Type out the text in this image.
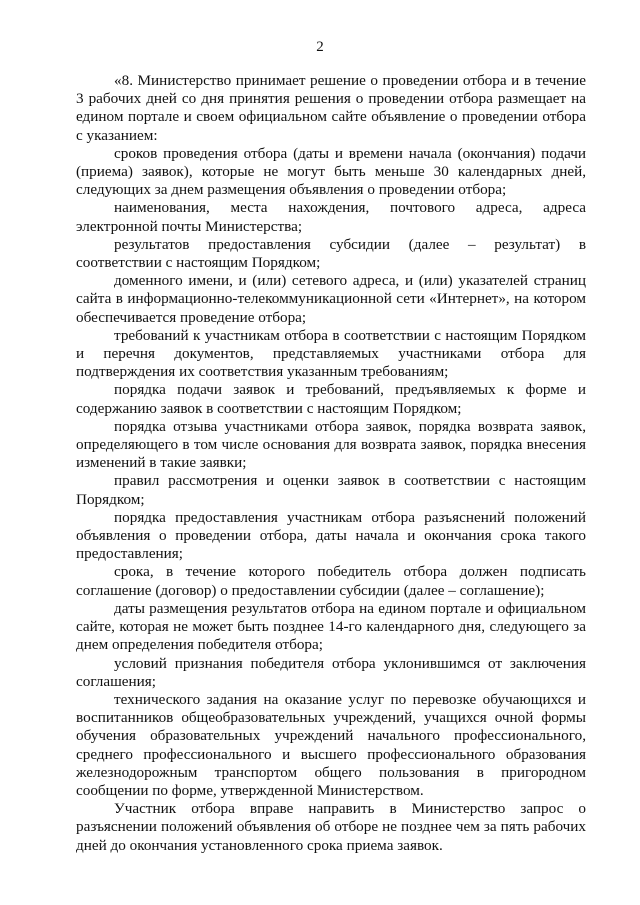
2

«8. Министерство принимает решение о проведении отбора и в течение 3 рабочих дней со дня принятия решения о проведении отбора размещает на едином портале и своем официальном сайте объявление о проведении отбора с указанием:

сроков проведения отбора (даты и времени начала (окончания) подачи (приема) заявок), которые не могут быть меньше 30 календарных дней, следующих за днем размещения объявления о проведении отбора;

наименования, места нахождения, почтового адреса, адреса электронной почты Министерства;

результатов предоставления субсидии (далее – результат) в соответствии с настоящим Порядком;

доменного имени, и (или) сетевого адреса, и (или) указателей страниц сайта в информационно-телекоммуникационной сети «Интернет», на котором обеспечивается проведение отбора;

требований к участникам отбора в соответствии с настоящим Порядком и перечня документов, представляемых участниками отбора для подтверждения их соответствия указанным требованиям;

порядка подачи заявок и требований, предъявляемых к форме и содержанию заявок в соответствии с настоящим Порядком;

порядка отзыва участниками отбора заявок, порядка возврата заявок, определяющего в том числе основания для возврата заявок, порядка внесения изменений в такие заявки;

правил рассмотрения и оценки заявок в соответствии с настоящим Порядком;

порядка предоставления участникам отбора разъяснений положений объявления о проведении отбора, даты начала и окончания срока такого предоставления;

срока, в течение которого победитель отбора должен подписать соглашение (договор) о предоставлении субсидии (далее – соглашение);

даты размещения результатов отбора на едином портале и официальном сайте, которая не может быть позднее 14-го календарного дня, следующего за днем определения победителя отбора;

условий признания победителя отбора уклонившимся от заключения соглашения;

технического задания на оказание услуг по перевозке обучающихся и воспитанников общеобразовательных учреждений, учащихся очной формы обучения образовательных учреждений начального профессионального, среднего профессионального и высшего профессионального образования железнодорожным транспортом общего пользования в пригородном сообщении по форме, утвержденной Министерством.

Участник отбора вправе направить в Министерство запрос о разъяснении положений объявления об отборе не позднее чем за пять рабочих дней до окончания установленного срока приема заявок.
